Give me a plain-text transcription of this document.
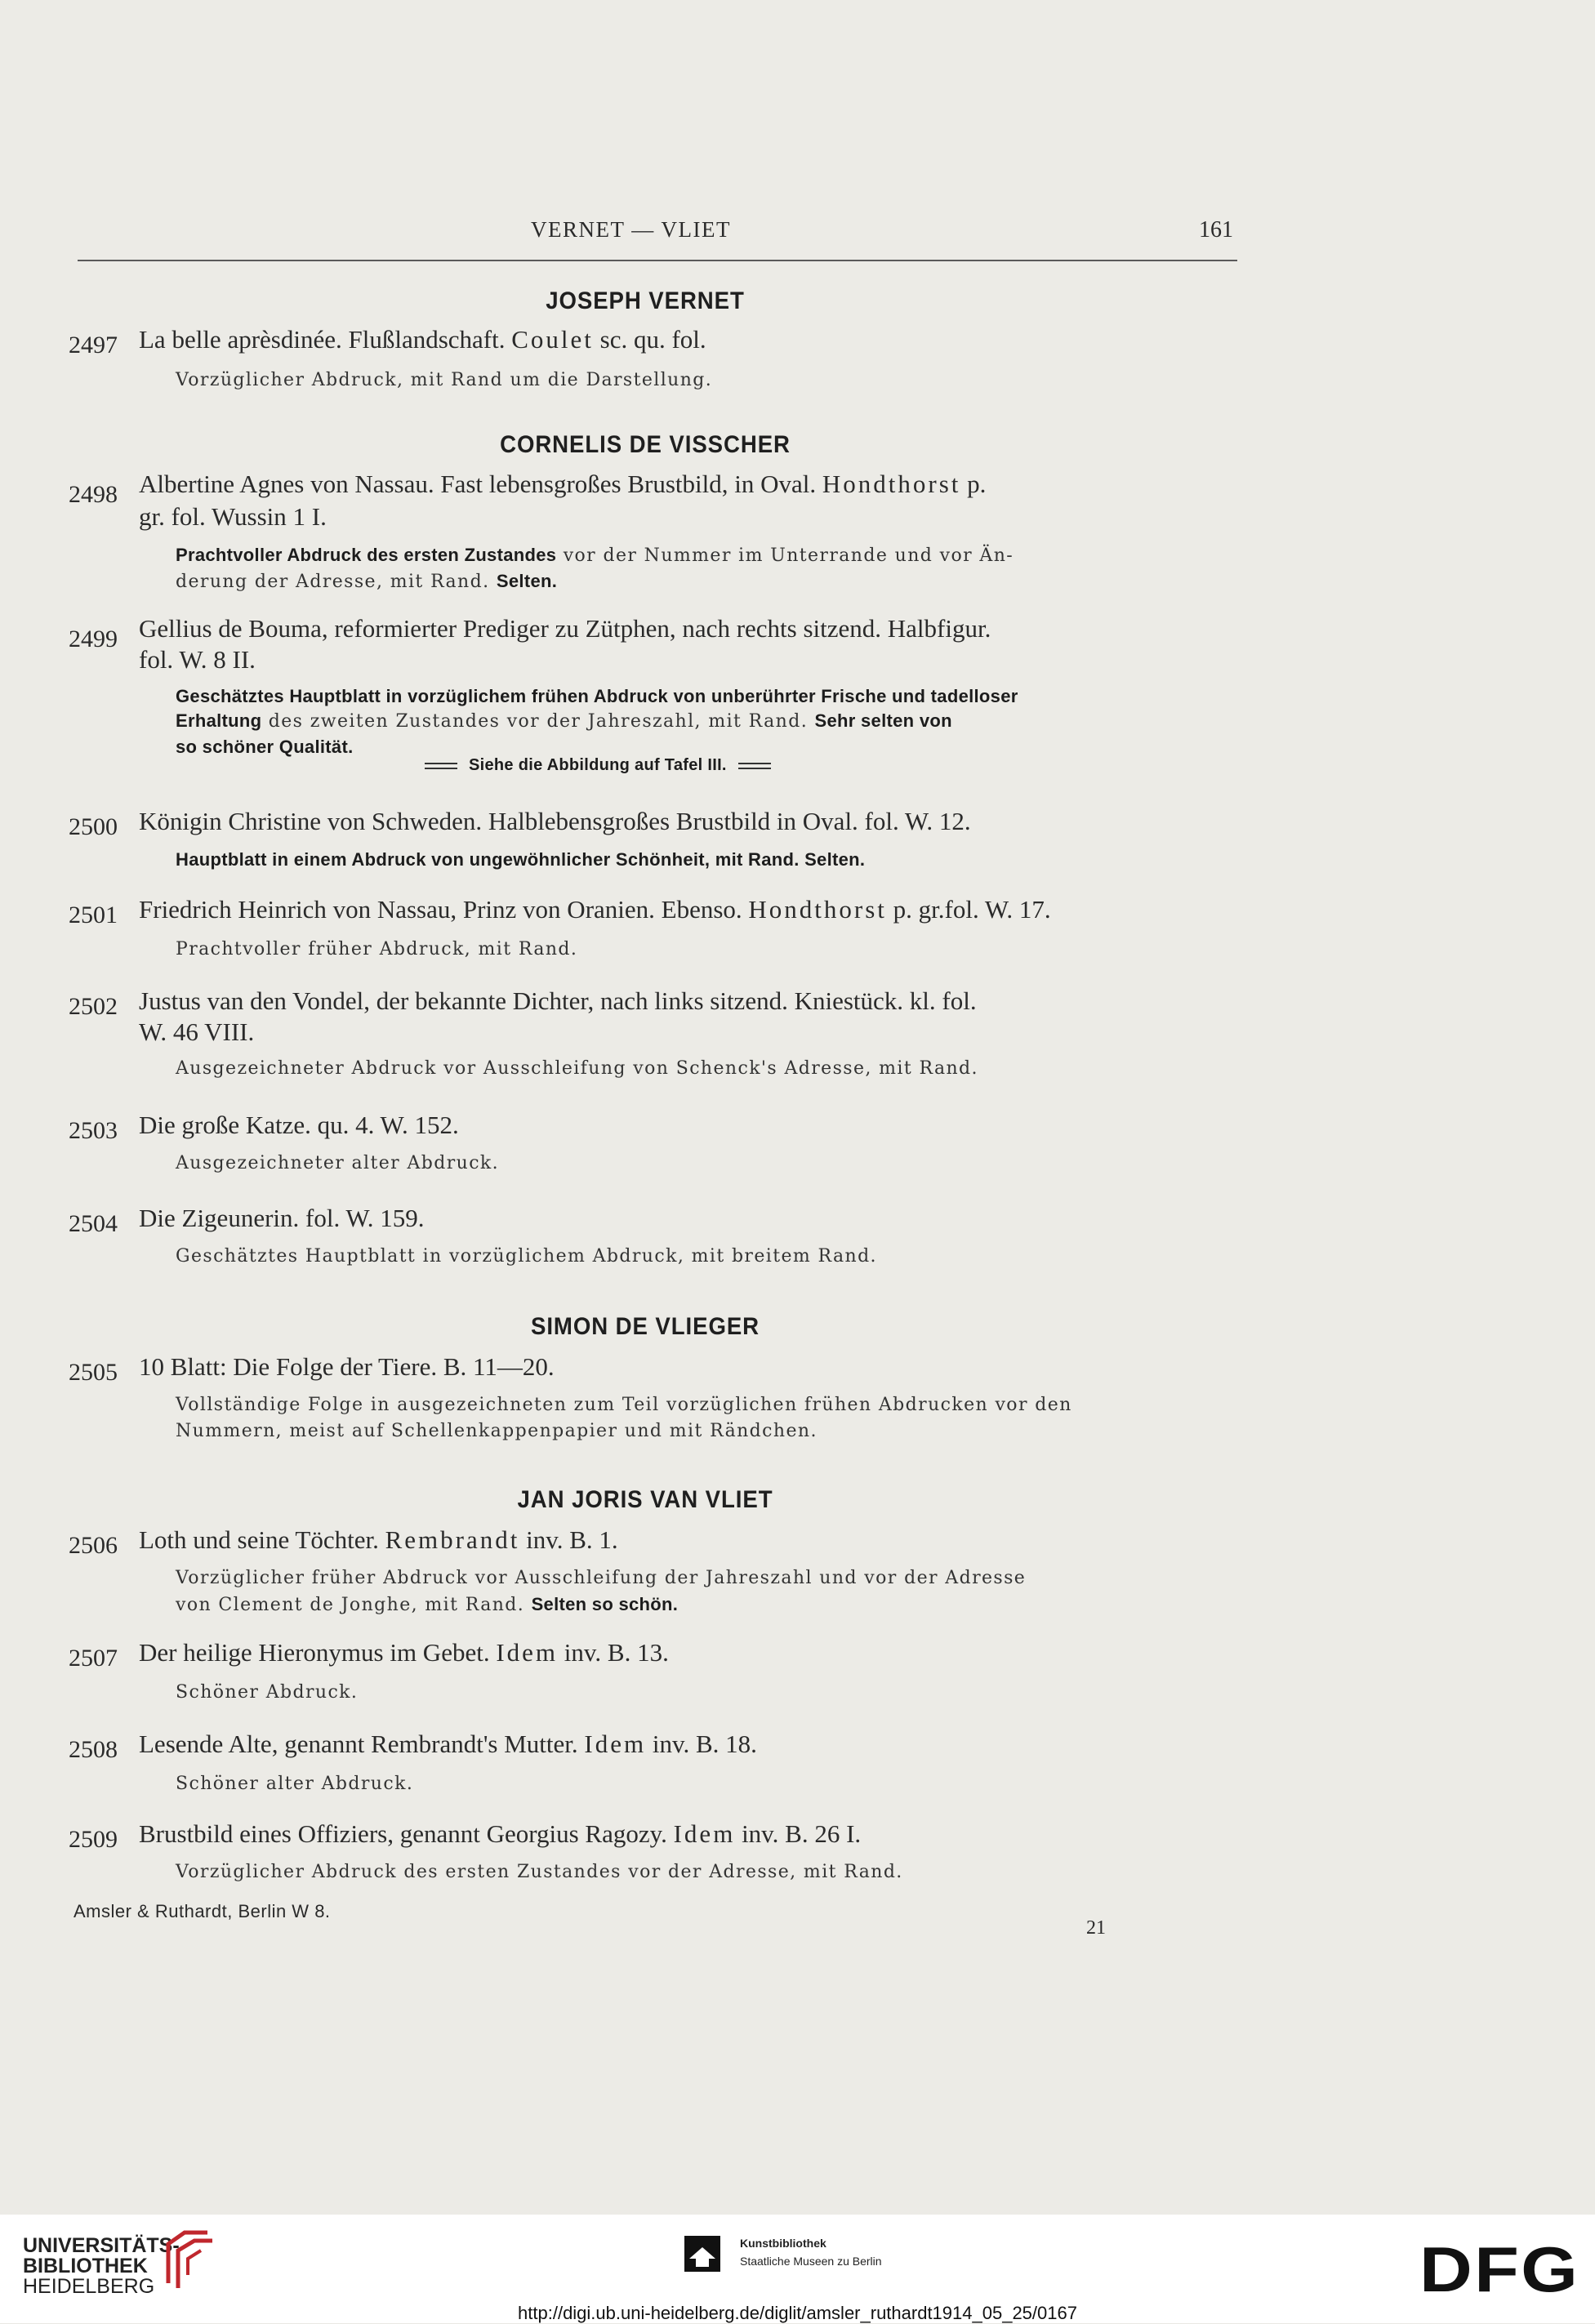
VERNET — VLIET	161
JOSEPH VERNET
2497 La belle aprèsdinée. Flußlandschaft. Coulet sc. qu. fol.
Vorzüglicher Abdruck, mit Rand um die Darstellung.
CORNELIS DE VISSCHER
2498 Albertine Agnes von Nassau. Fast lebensgroßes Brustbild, in Oval. Hondthorst p.
gr. fol. Wussin 1 I.
Prachtvoller Abdruck des ersten Zustandes vor der Nummer im Unterrande und vor Än-
derung der Adresse, mit Rand. Selten.
2499 Gellius de Bouma, reformierter Prediger zu Zütphen, nach rechts sitzend. Halbfigur.
fol. W. 8 II.
Geschätztes Hauptblatt in vorzüglichem frühen Abdruck von unberührter Frische und tadelloser
Erhaltung des zweiten Zustandes vor der Jahreszahl, mit Rand. Sehr selten von
so schöner Qualität.
Siehe die Abbildung auf Tafel III.
2500 Königin Christine von Schweden. Halblebensgroßes Brustbild in Oval. fol. W. 12.
Hauptblatt in einem Abdruck von ungewöhnlicher Schönheit, mit Rand. Selten.
2501 Friedrich Heinrich von Nassau, Prinz von Oranien. Ebenso. Hondthorst p. gr.fol. W. 17.
Prachtvoller früher Abdruck, mit Rand.
2502 Justus van den Vondel, der bekannte Dichter, nach links sitzend. Kniestück. kl. fol.
W. 46 VIII.
Ausgezeichneter Abdruck vor Ausschleifung von Schenck's Adresse, mit Rand.
2503 Die große Katze. qu. 4. W. 152.
Ausgezeichneter alter Abdruck.
2504 Die Zigeunerin. fol. W. 159.
Geschätztes Hauptblatt in vorzüglichem Abdruck, mit breitem Rand.
SIMON DE VLIEGER
2505 10 Blatt: Die Folge der Tiere. B. 11—20.
Vollständige Folge in ausgezeichneten zum Teil vorzüglichen frühen Abdrucken vor den
Nummern, meist auf Schellenkappenpapier und mit Rändchen.
JAN JORIS VAN VLIET
2506 Loth und seine Töchter. Rembrandt inv. B. 1.
Vorzüglicher früher Abdruck vor Ausschleifung der Jahreszahl und vor der Adresse
von Clement de Jonghe, mit Rand. Selten so schön.
2507 Der heilige Hieronymus im Gebet. Idem inv. B. 13.
Schöner Abdruck.
2508 Lesende Alte, genannt Rembrandt's Mutter. Idem inv. B. 18.
Schöner alter Abdruck.
2509 Brustbild eines Offiziers, genannt Georgius Ragozy. Idem inv. B. 26 I.
Vorzüglicher Abdruck des ersten Zustandes vor der Adresse, mit Rand.
Amsler & Ruthardt, Berlin W 8.
21
UNIVERSITÄTS-
BIBLIOTHEK
HEIDELBERG
Kunstbibliothek
Staatliche Museen zu Berlin	DFG
http://digi.ub.uni-heidelberg.de/diglit/amsler_ruthardt1914_05_25/0167
